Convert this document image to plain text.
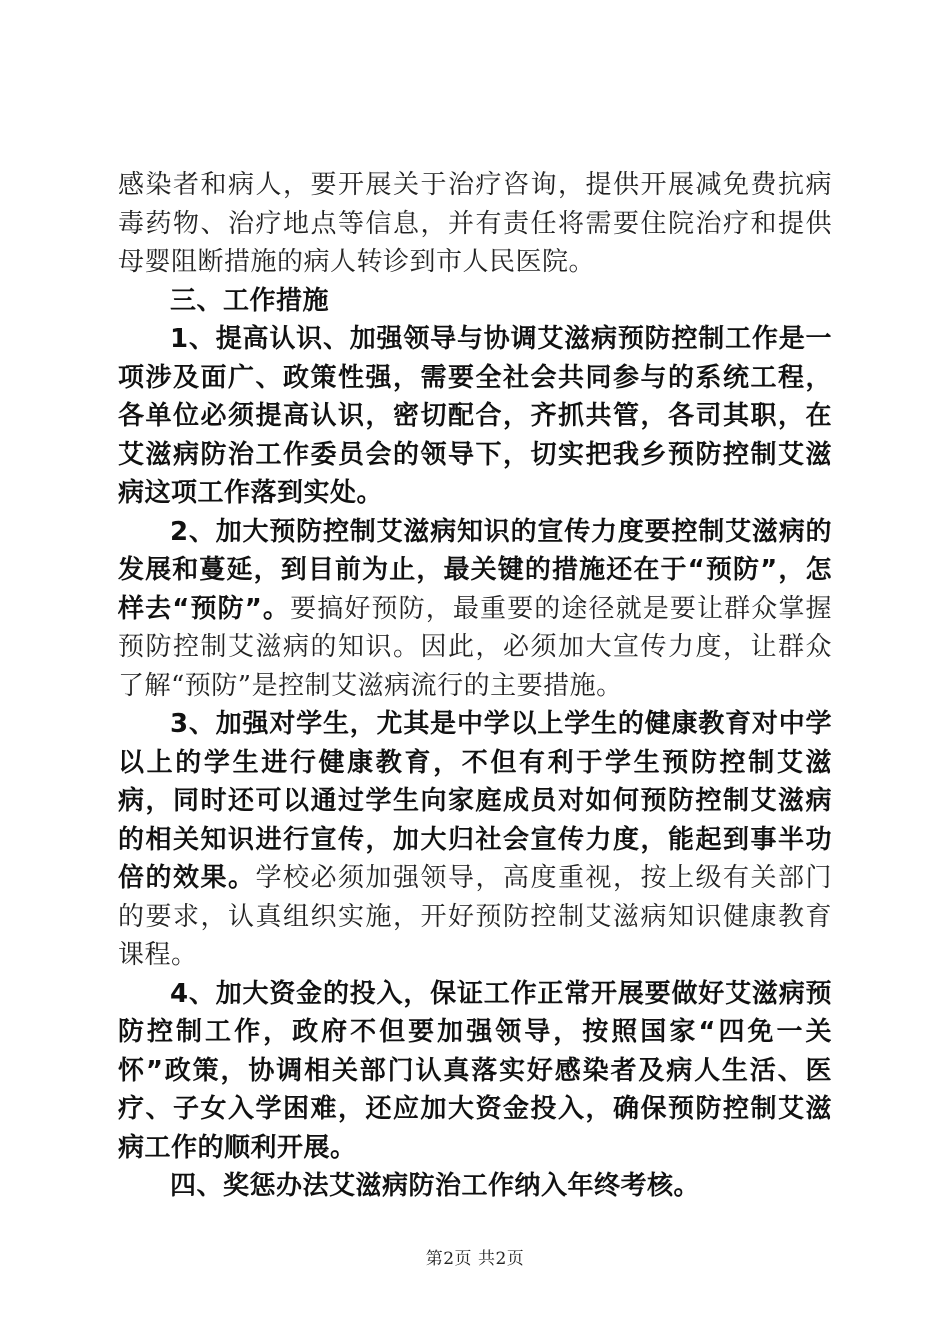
感染者和病人，要开展关于治疗咨询，提供开展减免费抗病毒药物、治疗地点等信息，并有责任将需要住院治疗和提供母婴阻断措施的病人转诊到市人民医院。

三、工作措施

1、提高认识、加强领导与协调艾滋病预防控制工作是一项涉及面广、政策性强，需要全社会共同参与的系统工程，各单位必须提高认识，密切配合，齐抓共管，各司其职，在艾滋病防治工作委员会的领导下，切实把我乡预防控制艾滋病这项工作落到实处。

2、加大预防控制艾滋病知识的宣传力度要控制艾滋病的发展和蔓延，到目前为止，最关键的措施还在于“预防”，怎样去“预防”。要搞好预防，最重要的途径就是要让群众掌握预防控制艾滋病的知识。因此，必须加大宣传力度，让群众了解“预防”是控制艾滋病流行的主要措施。

3、加强对学生，尤其是中学以上学生的健康教育对中学以上的学生进行健康教育，不但有利于学生预防控制艾滋病，同时还可以通过学生向家庭成员对如何预防控制艾滋病的相关知识进行宣传，加大归社会宣传力度，能起到事半功倍的效果。学校必须加强领导，高度重视，按上级有关部门的要求，认真组织实施，开好预防控制艾滋病知识健康教育课程。

4、加大资金的投入，保证工作正常开展要做好艾滋病预防控制工作，政府不但要加强领导，按照国家“四免一关怀”政策，协调相关部门认真落实好感染者及病人生活、医疗、子女入学困难，还应加大资金投入，确保预防控制艾滋病工作的顺利开展。

四、奖惩办法艾滋病防治工作纳入年终考核。

第2页 共2页
